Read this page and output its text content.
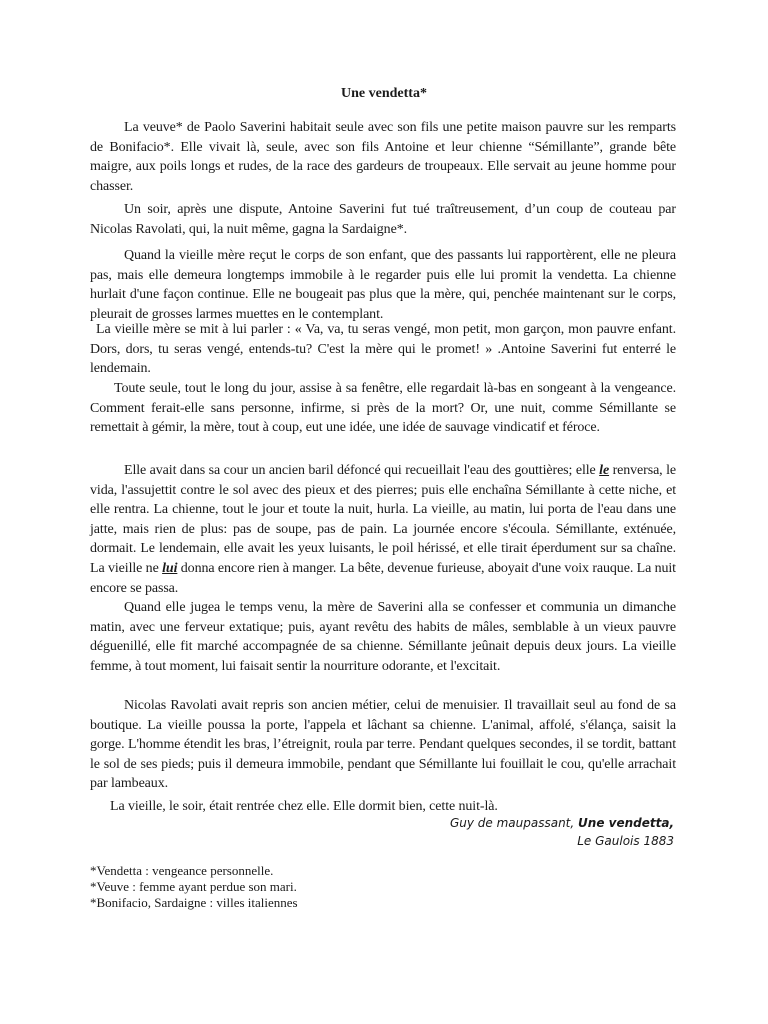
Une vendetta*

La veuve* de Paolo Saverini habitait seule avec son fils une petite maison pauvre sur les remparts de Bonifacio*. Elle vivait là, seule, avec son fils Antoine et leur chienne “Sémillante”, grande bête maigre, aux poils longs et rudes, de la race des gardeurs de troupeaux. Elle servait au jeune homme pour chasser.

Un soir, après une dispute, Antoine Saverini fut tué traîtreusement, d’un coup de couteau par Nicolas Ravolati, qui, la nuit même, gagna la Sardaigne*.

Quand la vieille mère reçut le corps de son enfant, que des passants lui rapportèrent, elle ne pleura pas, mais elle demeura longtemps immobile à le regarder puis elle lui promit la vendetta. La chienne hurlait d'une façon continue. Elle ne bougeait pas plus que la mère, qui, penchée maintenant sur le corps, pleurait de grosses larmes muettes en le contemplant.

La vieille mère se mit à lui parler : « Va, va, tu seras vengé, mon petit, mon garçon, mon pauvre enfant. Dors, dors, tu seras vengé, entends-tu? C'est la mère qui le promet! » .Antoine Saverini fut enterré le lendemain.

Toute seule, tout le long du jour, assise à sa fenêtre, elle regardait là-bas en songeant à la vengeance. Comment ferait-elle sans personne, infirme, si près de la mort? Or, une nuit, comme Sémillante se remettait à gémir, la mère, tout à coup, eut une idée, une idée de sauvage vindicatif et féroce.

Elle avait dans sa cour un ancien baril défoncé qui recueillait l'eau des gouttières; elle le renversa, le vida, l'assujettit contre le sol avec des pieux et des pierres; puis elle enchaîna Sémillante à cette niche, et elle rentra. La chienne, tout le jour et toute la nuit, hurla. La vieille, au matin, lui porta de l'eau dans une jatte, mais rien de plus: pas de soupe, pas de pain. La journée encore s'écoula. Sémillante, exténuée, dormait. Le lendemain, elle avait les yeux luisants, le poil hérissé, et elle tirait éperdument sur sa chaîne. La vieille ne lui donna encore rien à manger. La bête, devenue furieuse, aboyait d'une voix rauque. La nuit encore se passa.

Quand elle jugea le temps venu, la mère de Saverini alla se confesser et communia un dimanche matin, avec une ferveur extatique; puis, ayant revêtu des habits de mâles, semblable à un vieux pauvre déguenillé, elle fit marché accompagnée de sa chienne. Sémillante jeûnait depuis deux jours. La vieille femme, à tout moment, lui faisait sentir la nourriture odorante, et l'excitait.

Nicolas Ravolati avait repris son ancien métier, celui de menuisier. Il travaillait seul au fond de sa boutique. La vieille poussa la porte, l'appela et lâchant sa chienne. L'animal, affolé, s'élança, saisit la gorge. L'homme étendit les bras, l’étreignit, roula par terre. Pendant quelques secondes, il se tordit, battant le sol de ses pieds; puis il demeura immobile, pendant que Sémillante lui fouillait le cou, qu'elle arrachait par lambeaux.

La vieille, le soir, était rentrée chez elle. Elle dormit bien, cette nuit-là.

Guy de maupassant, Une vendetta,
Le Gaulois 1883
*Vendetta : vengeance personnelle.
*Veuve : femme ayant perdue son mari.
*Bonifacio, Sardaigne : villes italiennes
